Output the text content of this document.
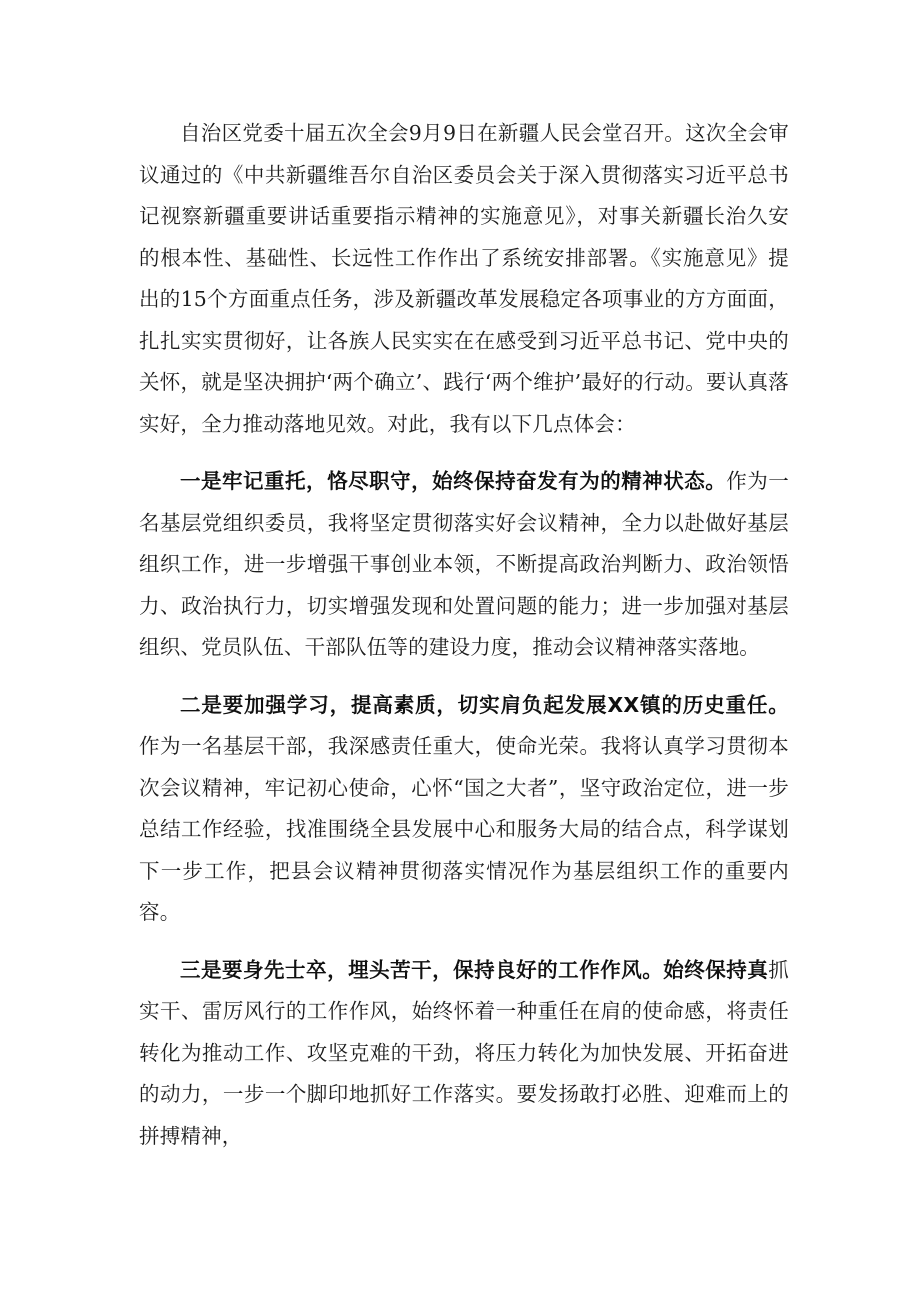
自治区党委十届五次全会9月9日在新疆人民会堂召开。这次全会审议通过的《中共新疆维吾尔自治区委员会关于深入贯彻落实习近平总书记视察新疆重要讲话重要指示精神的实施意见》，对事关新疆长治久安的根本性、基础性、长远性工作作出了系统安排部署。《实施意见》提出的15个方面重点任务，涉及新疆改革发展稳定各项事业的方方面面，扎扎实实贯彻好，让各族人民实实在在感受到习近平总书记、党中央的关怀，就是坚决拥护‘两个确立’、践行‘两个维护’最好的行动。要认真落实好，全力推动落地见效。对此，我有以下几点体会：

一是牢记重托，恪尽职守，始终保持奋发有为的精神状态。作为一名基层党组织委员，我将坚定贯彻落实好会议精神，全力以赴做好基层组织工作，进一步增强干事创业本领，不断提高政治判断力、政治领悟力、政治执行力，切实增强发现和处置问题的能力；进一步加强对基层组织、党员队伍、干部队伍等的建设力度，推动会议精神落实落地。

二是要加强学习，提高素质，切实肩负起发展XX镇的历史重任。作为一名基层干部，我深感责任重大，使命光荣。我将认真学习贯彻本次会议精神，牢记初心使命，心怀“国之大者”，坚守政治定位，进一步总结工作经验，找准围绕全县发展中心和服务大局的结合点，科学谋划下一步工作，把县会议精神贯彻落实情况作为基层组织工作的重要内容。

三是要身先士卒，埋头苦干，保持良好的工作作风。始终保持真抓实干、雷厉风行的工作作风，始终怀着一种重任在肩的使命感，将责任转化为推动工作、攻坚克难的干劲，将压力转化为加快发展、开拓奋进的动力，一步一个脚印地抓好工作落实。要发扬敢打必胜、迎难而上的拼搏精神，
